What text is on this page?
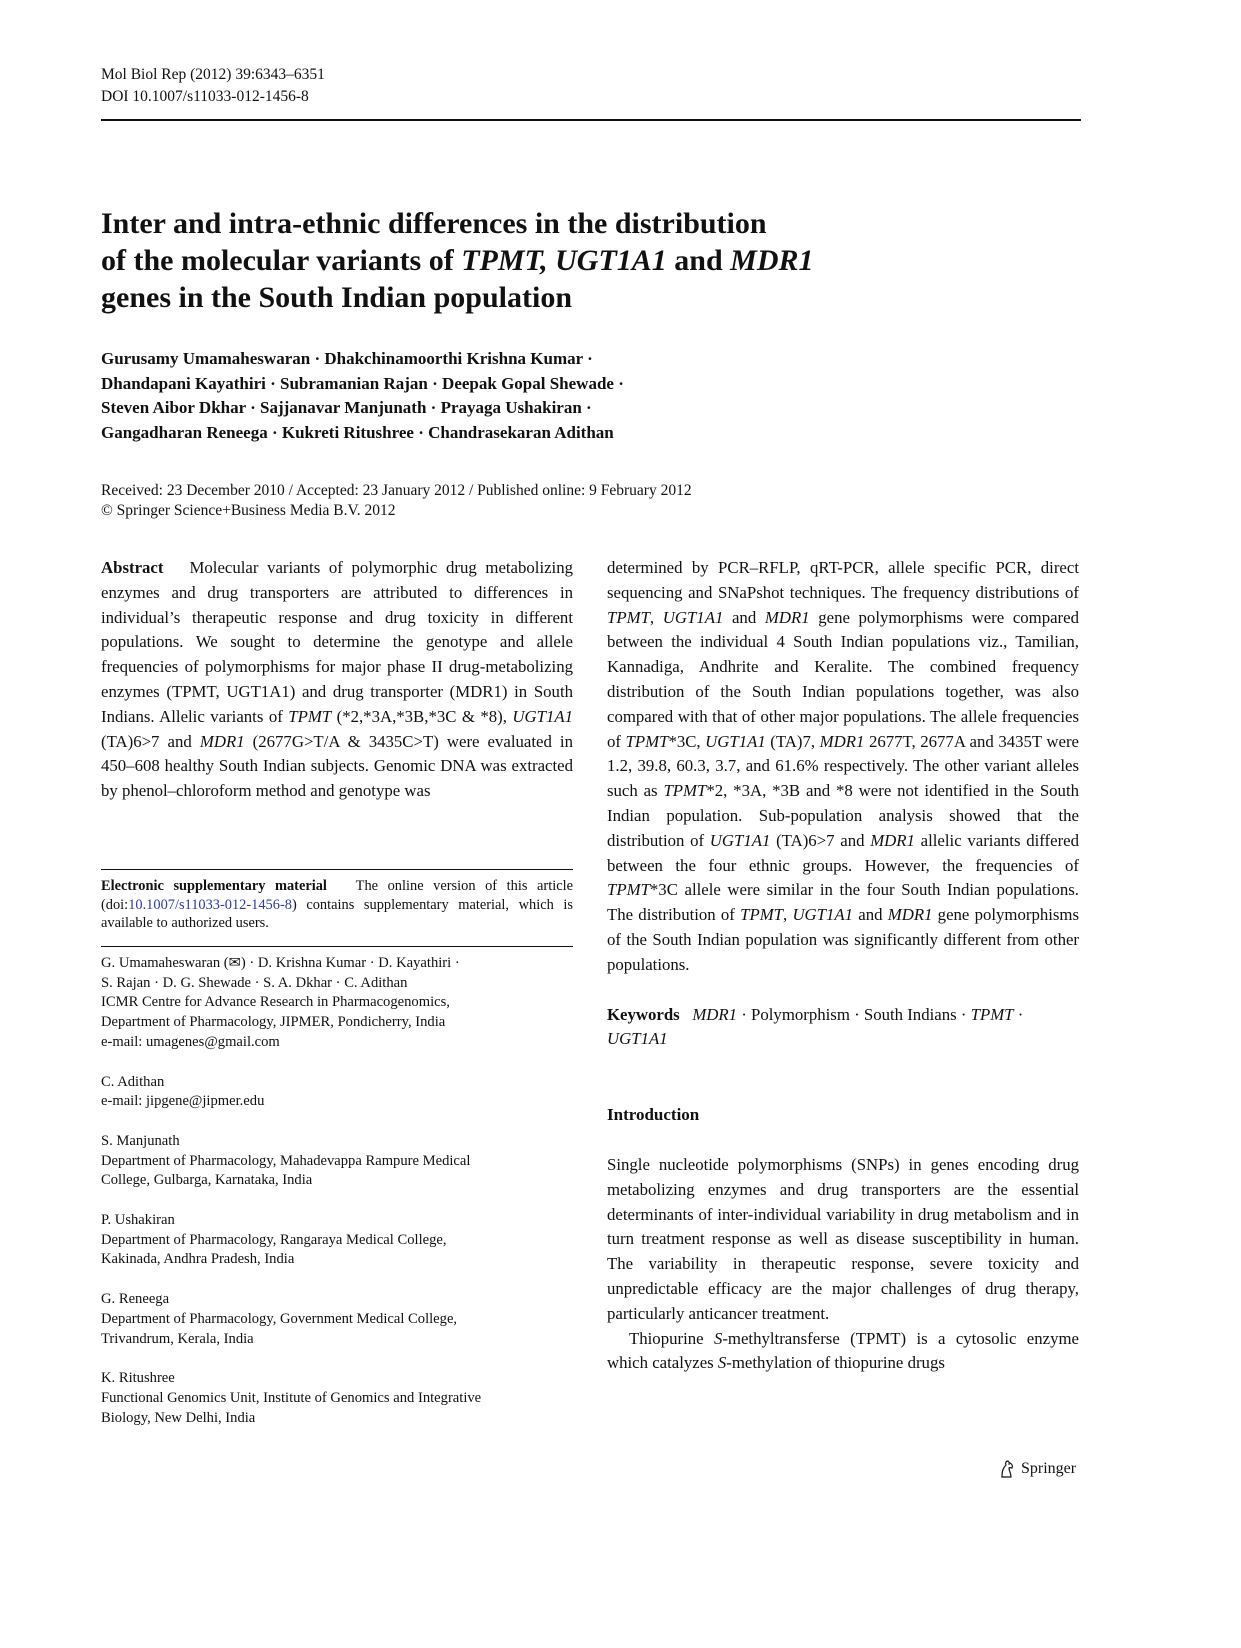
Mol Biol Rep (2012) 39:6343–6351
DOI 10.1007/s11033-012-1456-8
Inter and intra-ethnic differences in the distribution
of the molecular variants of TPMT, UGT1A1 and MDR1
genes in the South Indian population
Gurusamy Umamaheswaran · Dhakchinamoorthi Krishna Kumar ·
Dhandapani Kayathiri · Subramanian Rajan · Deepak Gopal Shewade ·
Steven Aibor Dkhar · Sajjanavar Manjunath · Prayaga Ushakiran ·
Gangadharan Reneega · Kukreti Ritushree · Chandrasekaran Adithan
Received: 23 December 2010 / Accepted: 23 January 2012 / Published online: 9 February 2012
© Springer Science+Business Media B.V. 2012

Abstract Molecular variants of polymorphic drug metabolizing enzymes and drug transporters are attributed to differences in individual’s therapeutic response and drug toxicity in different populations. We sought to determine the genotype and allele frequencies of polymorphisms for major phase II drug-metabolizing enzymes (TPMT, UGT1A1) and drug transporter (MDR1) in South Indians. Allelic variants of TPMT (*2,*3A,*3B,*3C & *8), UGT1A1 (TA)6>7 and MDR1 (2677G>T/A & 3435C>T) were evaluated in 450–608 healthy South Indian subjects. Genomic DNA was extracted by phenol–chloroform method and genotype was

Electronic supplementary material The online version of this article (doi:10.1007/s11033-012-1456-8) contains supplementary material, which is available to authorized users.
G. Umamaheswaran (✉) · D. Krishna Kumar · D. Kayathiri ·
S. Rajan · D. G. Shewade · S. A. Dkhar · C. Adithan
ICMR Centre for Advance Research in Pharmacogenomics,
Department of Pharmacology, JIPMER, Pondicherry, India
e-mail: umagenes@gmail.com
C. Adithan
e-mail: jipgene@jipmer.edu
S. Manjunath
Department of Pharmacology, Mahadevappa Rampure Medical
College, Gulbarga, Karnataka, India
P. Ushakiran
Department of Pharmacology, Rangaraya Medical College,
Kakinada, Andhra Pradesh, India
G. Reneega
Department of Pharmacology, Government Medical College,
Trivandrum, Kerala, India
K. Ritushree
Functional Genomics Unit, Institute of Genomics and Integrative
Biology, New Delhi, India

determined by PCR–RFLP, qRT-PCR, allele specific PCR, direct sequencing and SNaPshot techniques. The frequency distributions of TPMT, UGT1A1 and MDR1 gene polymorphisms were compared between the individual 4 South Indian populations viz., Tamilian, Kannadiga, Andhrite and Keralite. The combined frequency distribution of the South Indian populations together, was also compared with that of other major populations. The allele frequencies of TPMT*3C, UGT1A1 (TA)7, MDR1 2677T, 2677A and 3435T were 1.2, 39.8, 60.3, 3.7, and 61.6% respectively. The other variant alleles such as TPMT*2, *3A, *3B and *8 were not identified in the South Indian population. Sub-population analysis showed that the distribution of UGT1A1 (TA)6>7 and MDR1 allelic variants differed between the four ethnic groups. However, the frequencies of TPMT*3C allele were similar in the four South Indian populations. The distribution of TPMT, UGT1A1 and MDR1 gene polymorphisms of the South Indian population was significantly different from other populations.

Keywords MDR1 · Polymorphism · South Indians · TPMT · UGT1A1

Introduction

Single nucleotide polymorphisms (SNPs) in genes encoding drug metabolizing enzymes and drug transporters are the essential determinants of inter-individual variability in drug metabolism and in turn treatment response as well as disease susceptibility in human. The variability in therapeutic response, severe toxicity and unpredictable efficacy are the major challenges of drug therapy, particularly anticancer treatment.

Thiopurine S-methyltransferse (TPMT) is a cytosolic enzyme which catalyzes S-methylation of thiopurine drugs

Springer
